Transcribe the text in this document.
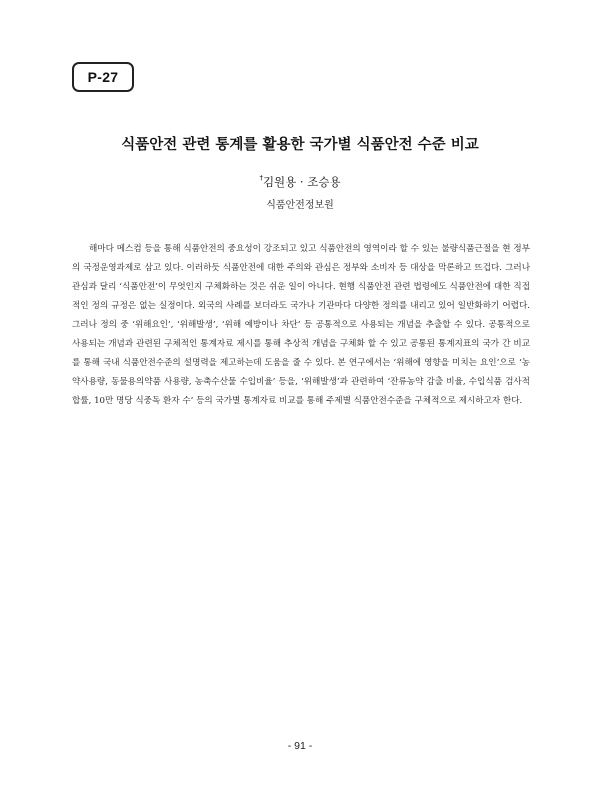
P-27
식품안전 관련 통계를 활용한 국가별 식품안전 수준 비교
†김원용 · 조승용
식품안전정보원

해마다 메스컴 등을 통해 식품안전의 중요성이 강조되고 있고 식품안전의 영역이라 할 수 있는 불량식품근절을 현 정부의 국정운영과제로 삼고 있다. 이러하듯 식품안전에 대한 주의와 관심은 정부와 소비자 등 대상을 막론하고 뜨겁다. 그러나 관심과 달리 ‘식품안전’이 무엇인지 구체화하는 것은 쉬운 일이 아니다. 현행 식품안전 관련 법령에도 식품안전에 대한 직접적인 정의 규정은 없는 실정이다. 외국의 사례를 보더라도 국가나 기관마다 다양한 정의를 내리고 있어 일반화하기 어렵다. 그러나 정의 중 ‘위해요인’, ‘위해발생’, ‘위해 예방이나 차단’ 등 공통적으로 사용되는 개념을 추출할 수 있다. 공통적으로 사용되는 개념과 관련된 구체적인 통계자료 제시를 통해 추상적 개념을 구체화 할 수 있고 공통된 통계지표의 국가 간 비교를 통해 국내 식품안전수준의 설명력을 제고하는데 도움을 줄 수 있다. 본 연구에서는 ‘위해에 영향을 미치는 요인’으로 ‘농약사용량, 동물용의약품 사용량, 농축수산물 수입비율’ 등을, ‘위해발생’과 관련하여 ‘잔류농약 감출 비율, 수입식품 검사적합률, 10만 명당 식중독 환자 수’ 등의 국가별 통계자료 비교를 통해 주제별 식품안전수준을 구체적으로 제시하고자 한다.

- 91 -
